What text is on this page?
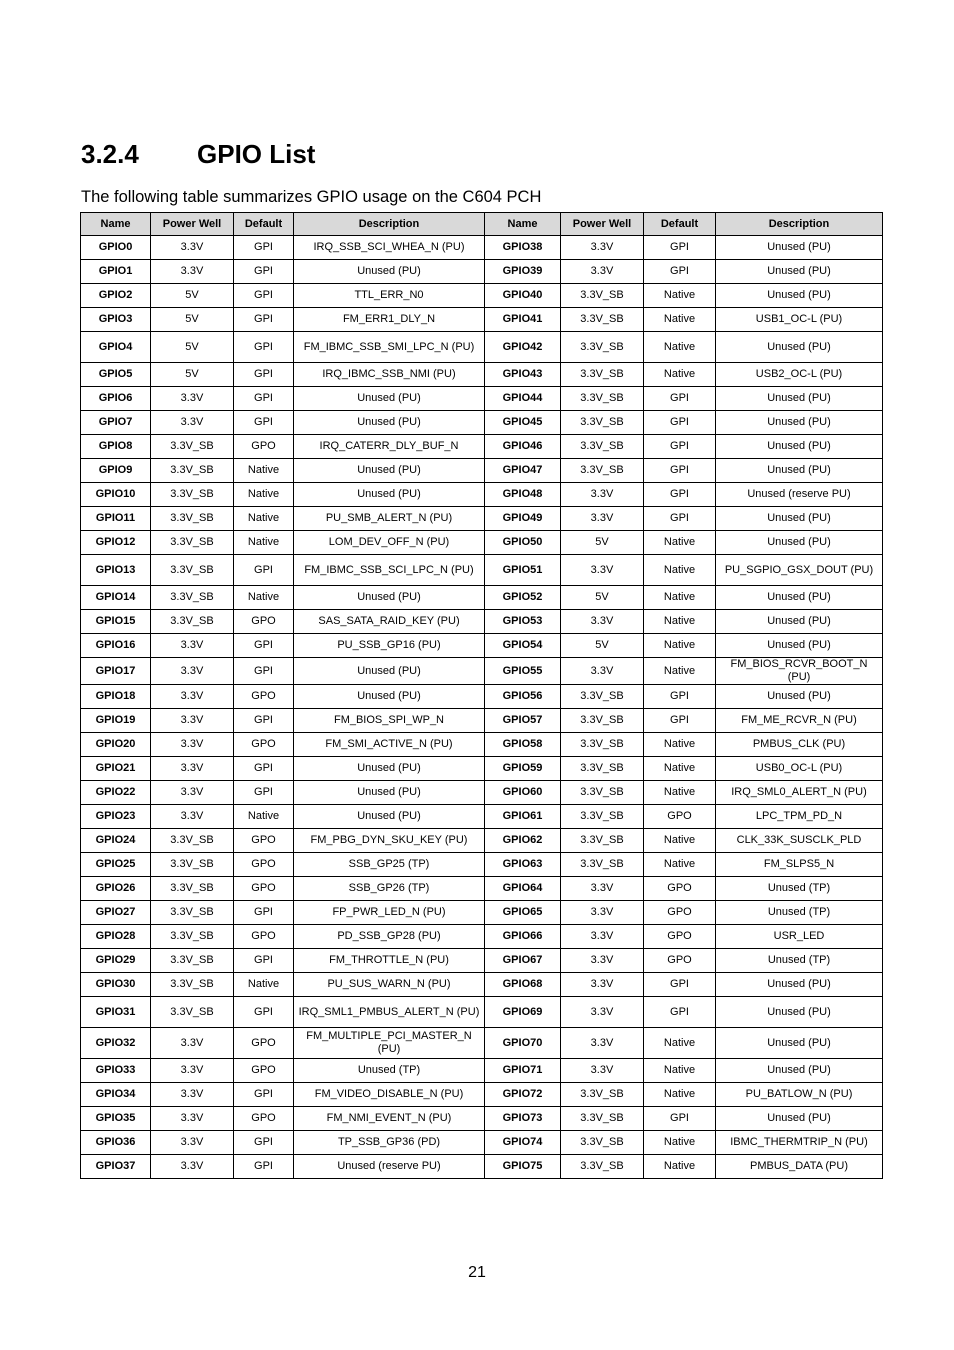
3.2.4	GPIO List
The following table summarizes GPIO usage on the C604 PCH
Name	Power Well	Default	Description	Name	Power Well	Default	Description
GPIO0	3.3V	GPI	IRQ_SSB_SCI_WHEA_N (PU)	GPIO38	3.3V	GPI	Unused (PU)
GPIO1	3.3V	GPI	Unused (PU)	GPIO39	3.3V	GPI	Unused (PU)
GPIO2	5V	GPI	TTL_ERR_N0	GPIO40	3.3V_SB	Native	Unused (PU)
GPIO3	5V	GPI	FM_ERR1_DLY_N	GPIO41	3.3V_SB	Native	USB1_OC-L (PU)
GPIO4	5V	GPI	FM_IBMC_SSB_SMI_LPC_N (PU)	GPIO42	3.3V_SB	Native	Unused (PU)
GPIO5	5V	GPI	IRQ_IBMC_SSB_NMI (PU)	GPIO43	3.3V_SB	Native	USB2_OC-L (PU)
GPIO6	3.3V	GPI	Unused (PU)	GPIO44	3.3V_SB	GPI	Unused (PU)
GPIO7	3.3V	GPI	Unused (PU)	GPIO45	3.3V_SB	GPI	Unused (PU)
GPIO8	3.3V_SB	GPO	IRQ_CATERR_DLY_BUF_N	GPIO46	3.3V_SB	GPI	Unused (PU)
GPIO9	3.3V_SB	Native	Unused (PU)	GPIO47	3.3V_SB	GPI	Unused (PU)
GPIO10	3.3V_SB	Native	Unused (PU)	GPIO48	3.3V	GPI	Unused (reserve PU)
GPIO11	3.3V_SB	Native	PU_SMB_ALERT_N (PU)	GPIO49	3.3V	GPI	Unused (PU)
GPIO12	3.3V_SB	Native	LOM_DEV_OFF_N (PU)	GPIO50	5V	Native	Unused (PU)
GPIO13	3.3V_SB	GPI	FM_IBMC_SSB_SCI_LPC_N (PU)	GPIO51	3.3V	Native	PU_SGPIO_GSX_DOUT (PU)
GPIO14	3.3V_SB	Native	Unused (PU)	GPIO52	5V	Native	Unused (PU)
GPIO15	3.3V_SB	GPO	SAS_SATA_RAID_KEY (PU)	GPIO53	3.3V	Native	Unused (PU)
GPIO16	3.3V	GPI	PU_SSB_GP16 (PU)	GPIO54	5V	Native	Unused (PU)
GPIO17	3.3V	GPI	Unused (PU)	GPIO55	3.3V	Native	FM_BIOS_RCVR_BOOT_N (PU)
GPIO18	3.3V	GPO	Unused (PU)	GPIO56	3.3V_SB	GPI	Unused (PU)
GPIO19	3.3V	GPI	FM_BIOS_SPI_WP_N	GPIO57	3.3V_SB	GPI	FM_ME_RCVR_N (PU)
GPIO20	3.3V	GPO	FM_SMI_ACTIVE_N (PU)	GPIO58	3.3V_SB	Native	PMBUS_CLK (PU)
GPIO21	3.3V	GPI	Unused (PU)	GPIO59	3.3V_SB	Native	USB0_OC-L (PU)
GPIO22	3.3V	GPI	Unused (PU)	GPIO60	3.3V_SB	Native	IRQ_SML0_ALERT_N (PU)
GPIO23	3.3V	Native	Unused (PU)	GPIO61	3.3V_SB	GPO	LPC_TPM_PD_N
GPIO24	3.3V_SB	GPO	FM_PBG_DYN_SKU_KEY (PU)	GPIO62	3.3V_SB	Native	CLK_33K_SUSCLK_PLD
GPIO25	3.3V_SB	GPO	SSB_GP25 (TP)	GPIO63	3.3V_SB	Native	FM_SLPS5_N
GPIO26	3.3V_SB	GPO	SSB_GP26 (TP)	GPIO64	3.3V	GPO	Unused (TP)
GPIO27	3.3V_SB	GPI	FP_PWR_LED_N (PU)	GPIO65	3.3V	GPO	Unused (TP)
GPIO28	3.3V_SB	GPO	PD_SSB_GP28 (PU)	GPIO66	3.3V	GPO	USR_LED
GPIO29	3.3V_SB	GPI	FM_THROTTLE_N (PU)	GPIO67	3.3V	GPO	Unused (TP)
GPIO30	3.3V_SB	Native	PU_SUS_WARN_N (PU)	GPIO68	3.3V	GPI	Unused (PU)
GPIO31	3.3V_SB	GPI	IRQ_SML1_PMBUS_ALERT_N (PU)	GPIO69	3.3V	GPI	Unused (PU)
GPIO32	3.3V	GPO	FM_MULTIPLE_PCI_MASTER_N (PU)	GPIO70	3.3V	Native	Unused (PU)
GPIO33	3.3V	GPO	Unused (TP)	GPIO71	3.3V	Native	Unused (PU)
GPIO34	3.3V	GPI	FM_VIDEO_DISABLE_N (PU)	GPIO72	3.3V_SB	Native	PU_BATLOW_N (PU)
GPIO35	3.3V	GPO	FM_NMI_EVENT_N (PU)	GPIO73	3.3V_SB	GPI	Unused (PU)
GPIO36	3.3V	GPI	TP_SSB_GP36 (PD)	GPIO74	3.3V_SB	Native	IBMC_THERMTRIP_N (PU)
GPIO37	3.3V	GPI	Unused (reserve PU)	GPIO75	3.3V_SB	Native	PMBUS_DATA (PU)
21
